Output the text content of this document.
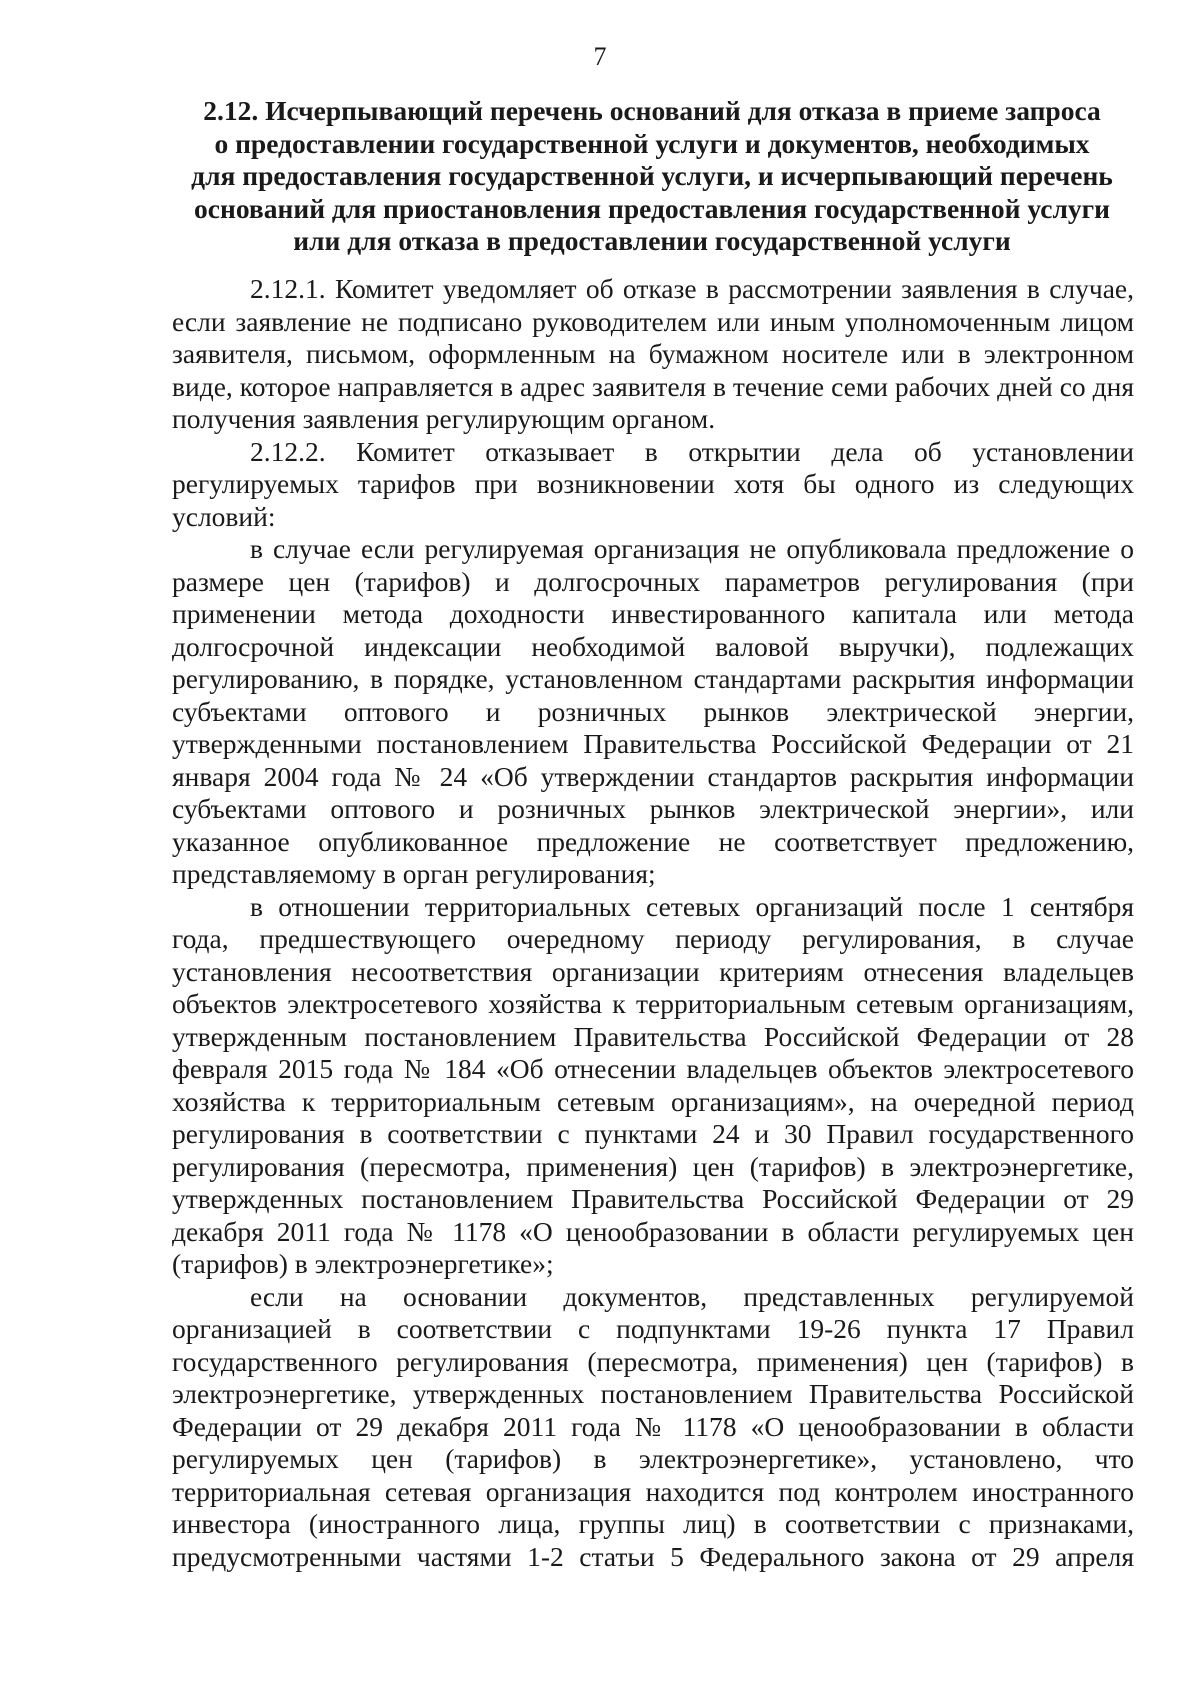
7
2.12. Исчерпывающий перечень оснований для отказа в приеме запроса
о предоставлении государственной услуги и документов, необходимых
для предоставления государственной услуги, и исчерпывающий перечень
оснований для приостановления предоставления государственной услуги
или для отказа в предоставлении государственной услуги

2.12.1. Комитет уведомляет об отказе в рассмотрении заявления в случае, если заявление не подписано руководителем или иным уполномоченным лицом заявителя, письмом, оформленным на бумажном носителе или в электронном виде, которое направляется в адрес заявителя в течение семи рабочих дней со дня получения заявления регулирующим органом.

2.12.2. Комитет отказывает в открытии дела об установлении регулируемых тарифов при возникновении хотя бы одного из следующих условий:

в случае если регулируемая организация не опубликовала предложение о размере цен (тарифов) и долгосрочных параметров регулирования (при применении метода доходности инвестированного капитала или метода долгосрочной индексации необходимой валовой выручки), подлежащих регулированию, в порядке, установленном стандартами раскрытия информации субъектами оптового и розничных рынков электрической энергии, утвержденными постановлением Правительства Российской Федерации от 21 января 2004 года № 24 «Об утверждении стандартов раскрытия информации субъектами оптового и розничных рынков электрической энергии», или указанное опубликованное предложение не соответствует предложению, представляемому в орган регулирования;

в отношении территориальных сетевых организаций после 1 сентября года, предшествующего очередному периоду регулирования, в случае установления несоответствия организации критериям отнесения владельцев объектов электросетевого хозяйства к территориальным сетевым организациям, утвержденным постановлением Правительства Российской Федерации от 28 февраля 2015 года № 184 «Об отнесении владельцев объектов электросетевого хозяйства к территориальным сетевым организациям», на очередной период регулирования в соответствии с пунктами 24 и 30 Правил государственного регулирования (пересмотра, применения) цен (тарифов) в электроэнергетике, утвержденных постановлением Правительства Российской Федерации от 29 декабря 2011 года № 1178 «О ценообразовании в области регулируемых цен (тарифов) в электроэнергетике»;

если на основании документов, представленных регулируемой организацией в соответствии с подпунктами 19-26 пункта 17 Правил государственного регулирования (пересмотра, применения) цен (тарифов) в электроэнергетике, утвержденных постановлением Правительства Российской Федерации от 29 декабря 2011 года № 1178 «О ценообразовании в области регулируемых цен (тарифов) в электроэнергетике», установлено, что территориальная сетевая организация находится под контролем иностранного инвестора (иностранного лица, группы лиц) в соответствии с признаками, предусмотренными частями 1-2 статьи 5 Федерального закона от 29 апреля
